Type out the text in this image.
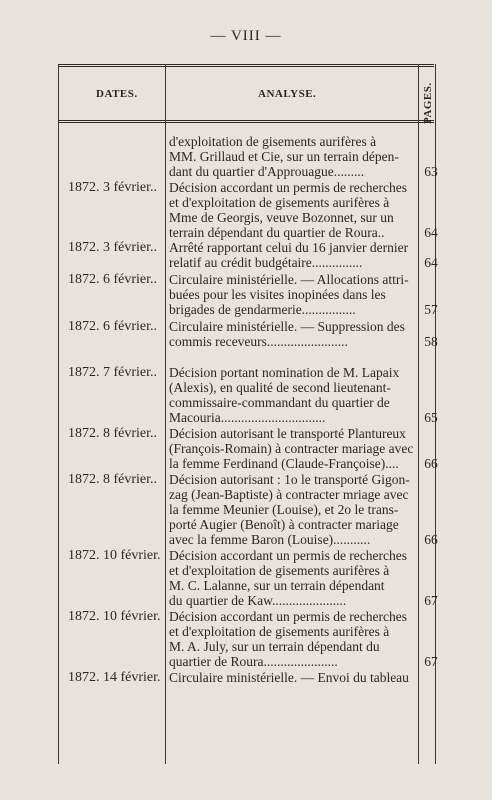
— VIII —
DATES.	ANALYSE.	PAGES.
d'exploitation de gisements aurifères à
MM. Grillaud et Cie, sur un terrain dépen-
dant du quartier d'Approuague.........	63
1872. 3 février.. Décision accordant un permis de recherches
et d'exploitation de gisements aurifères à
Mme de Georgis, veuve Bozonnet, sur un
terrain dépendant du quartier de Roura..	64
1872. 3 février.. Arrêté rapportant celui du 16 janvier dernier
relatif au crédit budgétaire...............	64
1872. 6 février.. Circulaire ministérielle. — Allocations attri-
buées pour les visites inopinées dans les
brigades de gendarmerie................	57
1872. 6 février.. Circulaire ministérielle. — Suppression des
commis receveurs........................	58
1872. 7 février.. Décision portant nomination de M. Lapaix
(Alexis), en qualité de second lieutenant-
commissaire-commandant du quartier de
Macouria...............................	65
1872. 8 février.. Décision autorisant le transporté Plantureux
(François-Romain) à contracter mariage avec
la femme Ferdinand (Claude-Françoise)....	66
1872. 8 février.. Décision autorisant : 1o le transporté Gigon-
zag (Jean-Baptiste) à contracter mriage avec
la femme Meunier (Louise), et 2o le trans-
porté Augier (Benoît) à contracter mariage
avec la femme Baron (Louise)...........	66
1872. 10 février. Décision accordant un permis de recherches
et d'exploitation de gisements aurifères à
M. C. Lalanne, sur un terrain dépendant
du quartier de Kaw......................	67
1872. 10 février. Décision accordant un permis de recherches
et d'exploitation de gisements aurifères à
M. A. July, sur un terrain dépendant du
quartier de Roura......................	67
1872. 14 février. Circulaire ministérielle. — Envoi du tableau
